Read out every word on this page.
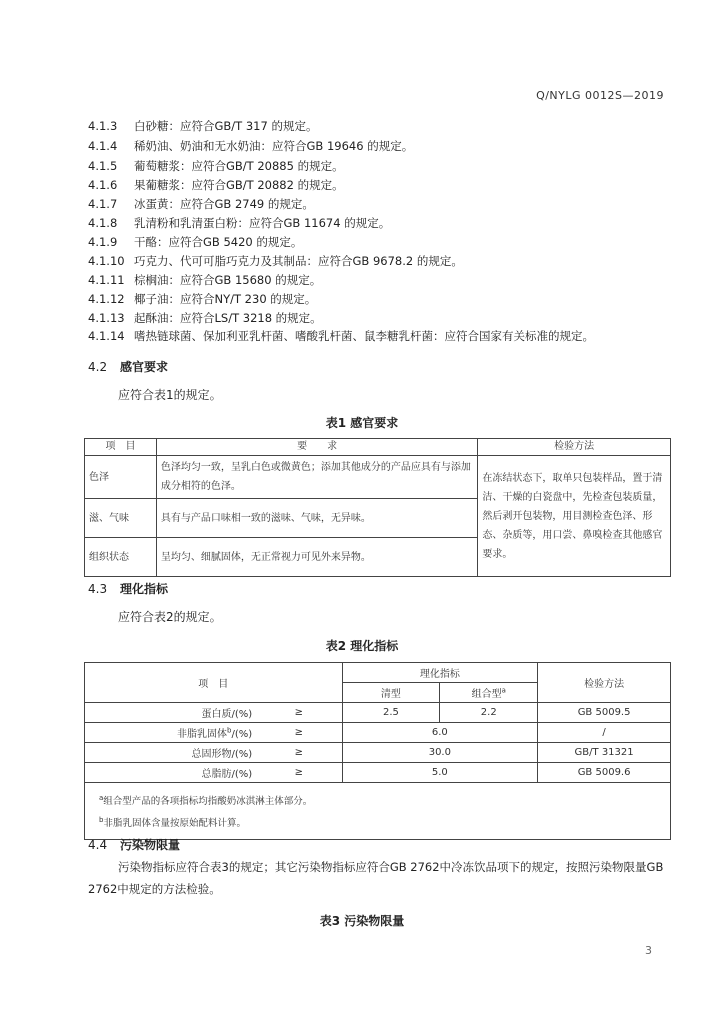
Q/NYLG 0012S—2019
4.1.3 白砂糖：应符合GB/T 317 的规定。
4.1.4 稀奶油、奶油和无水奶油：应符合GB 19646 的规定。
4.1.5 葡萄糖浆：应符合GB/T 20885 的规定。
4.1.6 果葡糖浆：应符合GB/T 20882 的规定。
4.1.7 冰蛋黄：应符合GB 2749 的规定。
4.1.8 乳清粉和乳清蛋白粉：应符合GB 11674 的规定。
4.1.9 干酪：应符合GB 5420 的规定。
4.1.10 巧克力、代可可脂巧克力及其制品：应符合GB 9678.2 的规定。
4.1.11 棕榈油：应符合GB 15680 的规定。
4.1.12 椰子油：应符合NY/T 230 的规定。
4.1.13 起酥油：应符合LS/T 3218 的规定。
4.1.14 嗜热链球菌、保加利亚乳杆菌、嗜酸乳杆菌、鼠李糖乳杆菌：应符合国家有关标准的规定。
4.2 感官要求
应符合表1的规定。
表1 感官要求
项　目	要　　求	检验方法
色泽	色泽均匀一致，呈乳白色或微黄色；添加其他成分的产品应具有与添加成分相符的色泽。	在冻结状态下，取单只包装样品，置于清洁、干燥的白瓷盘中，先检查包装质量，然后剥开包装物，用目测检查色泽、形态、杂质等，用口尝、鼻嗅检查其他感官要求。
滋、气味	具有与产品口味相一致的滋味、气味，无异味。	
组织状态	呈均匀、细腻固体，无正常视力可见外来异物。	
4.3 理化指标
应符合表2的规定。
表2 理化指标
项　目		理化指标		检验方法
		清型	组合型$^a$
蛋白质/(%)	≥	2.5	2.2	GB 5009.5
非脂乳固体$^b$/(%)	≥	6.0		/
总固形物/(%)	≥	30.0		GB/T 31321
总脂肪/(%)	≥	5.0		GB 5009.6

$^a$组合型产品的各项指标均指酸奶冰淇淋主体部分。
$^b$非脂乳固体含量按原始配料计算。				
4.4 污染物限量
污染物指标应符合表3的规定；其它污染物指标应符合GB 2762中冷冻饮品项下的规定，按照污染物限量GB 2762中规定的方法检验。
表3 污染物限量
3
